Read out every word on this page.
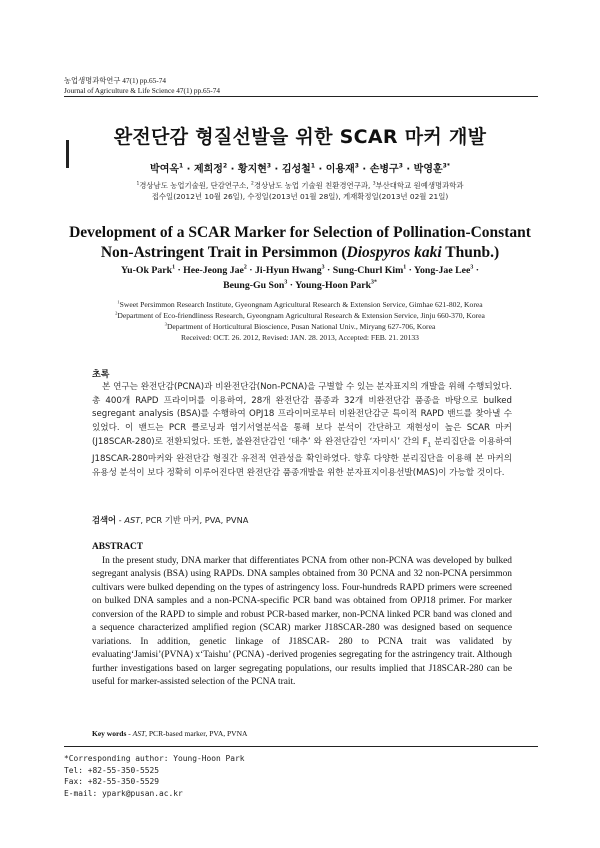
농업생명과학연구 47(1) pp.65-74
Journal of Agriculture & Life Science 47(1) pp.65-74
완전단감 형질선발을 위한 SCAR 마커 개발
박여옥$^1$ · 제희정$^2$ · 황지현$^3$ · 김성철$^1$ · 이용재$^3$ · 손병구$^3$ · 박영훈$^{3*}$
$^1$경상남도 농업기술원, 단감연구소, $^2$경상남도 농업 기술원 친환경연구과, $^3$부산대학교 원예생명과학과
접수일(2012년 10월 26일), 수정일(2013년 01월 28일), 게재확정일(2013년 02월 21일)
Development of a SCAR Marker for Selection of Pollination-Constant
Non-Astringent Trait in Persimmon (Diospyros kaki Thunb.)
Yu-Ok Park$^1$ · Hee-Jeong Jae$^2$ · Ji-Hyun Hwang$^3$ · Sung-Churl Kim$^1$ · Yong-Jae Lee$^3$ ·
Beung-Gu Son$^3$ · Young-Hoon Park$^{3*}$
$^1$Sweet Persimmon Research Institute, Gyeongnam Agricultural Research & Extension Service, Gimhae 621-802, Korea
$^2$Department of Eco-friendliness Research, Gyeongnam Agricultural Research & Extension Service, Jinju 660-370, Korea
$^3$Department of Horticultural Bioscience, Pusan National Univ., Miryang 627-706, Korea
Received: OCT. 26. 2012, Revised: JAN. 28. 2013, Accepted: FEB. 21. 20133
초록
본 연구는 완전단감(PCNA)과 비완전단감(Non-PCNA)을 구별할 수 있는 분자표지의 개발을 위해 수행되었다. 총 400개 RAPD 프라이머를 이용하여, 28개 완전단감 품종과 32개 비완전단감 품종을 바탕으로 bulked segregant analysis (BSA)를 수행하여 OPJ18 프라이머로부터 비완전단감군 특이적 RAPD 밴드를 찾아낼 수 있었다. 이 밴드는 PCR 클로닝과 염기서열분석을 통해 보다 분석이 간단하고 재현성이 높은 SCAR 마커(J18SCAR-280)로 전환되었다. 또한, 불완전단감인 ‘태추’ 와 완전단감인 ‘자미시’ 간의 $F_1$ 분리집단을 이용하여 J18SCAR-280마커와 완전단감 형질간 유전적 연관성을 확인하였다. 향후 다양한 분리집단을 이용해 본 마커의 유용성 분석이 보다 정확히 이루어진다면 완전단감 품종개발을 위한 분자표지이용선발(MAS)이 가능할 것이다.
검색어 - AST, PCR 기반 마커, PVA, PVNA
ABSTRACT
In the present study, DNA marker that differentiates PCNA from other non-PCNA was developed by bulked segregant analysis (BSA) using RAPDs. DNA samples obtained from 30 PCNA and 32 non-PCNA persimmon cultivars were bulked depending on the types of astringency loss. Four-hundreds RAPD primers were screened on bulked DNA samples and a non-PCNA-specific PCR band was obtained from OPJ18 primer. For marker conversion of the RAPD to simple and robust PCR-based marker, non-PCNA linked PCR band was cloned and a sequence characterized amplified region (SCAR) marker J18SCAR-280 was designed based on sequence variations. In addition, genetic linkage of J18SCAR- 280 to PCNA trait was validated by evaluating‘Jamisi’(PVNA) x‘Taishu’ (PCNA) -derived progenies segregating for the astringency trait. Although further investigations based on larger segregating populations, our results implied that J18SCAR-280 can be useful for marker-assisted selection of the PCNA trait.
Key words - AST, PCR-based marker, PVA, PVNA
*Corresponding author: Young-Hoon Park
Tel: +82-55-350-5525
Fax: +82-55-350-5529
E-mail: ypark@pusan.ac.kr
